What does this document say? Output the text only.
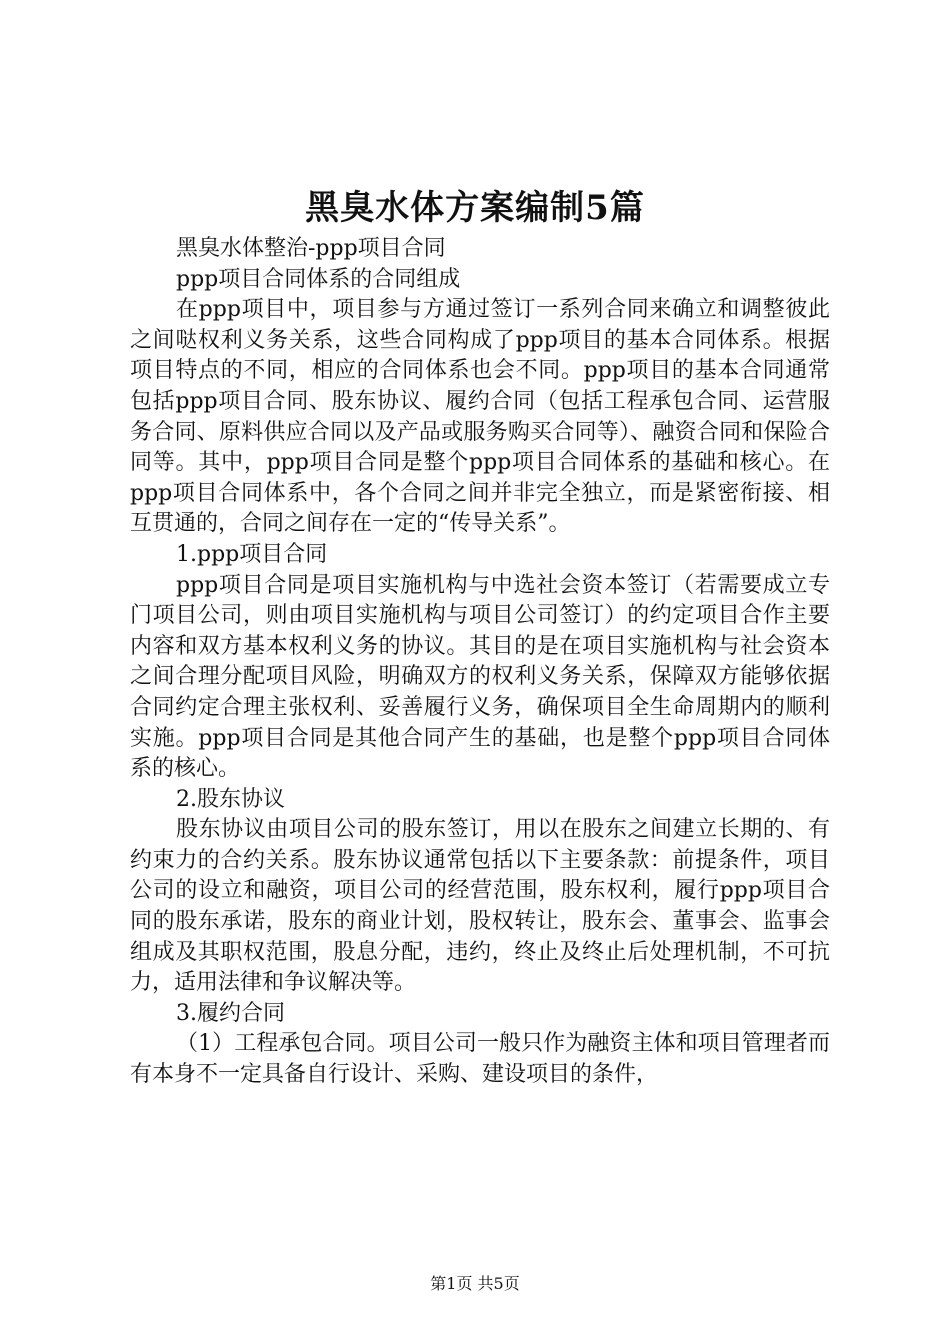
黑臭水体方案编制5篇

黑臭水体整治-ppp项目合同

ppp项目合同体系的合同组成

在ppp项目中，项目参与方通过签订一系列合同来确立和调整彼此之间哒权利义务关系，这些合同构成了ppp项目的基本合同体系。根据项目特点的不同，相应的合同体系也会不同。ppp项目的基本合同通常包括ppp项目合同、股东协议、履约合同（包括工程承包合同、运营服务合同、原料供应合同以及产品或服务购买合同等）、融资合同和保险合同等。其中，ppp项目合同是整个ppp项目合同体系的基础和核心。在ppp项目合同体系中，各个合同之间并非完全独立，而是紧密衔接、相互贯通的，合同之间存在一定的“传导关系”。

1.ppp项目合同

ppp项目合同是项目实施机构与中选社会资本签订（若需要成立专门项目公司，则由项目实施机构与项目公司签订）的约定项目合作主要内容和双方基本权利义务的协议。其目的是在项目实施机构与社会资本之间合理分配项目风险，明确双方的权利义务关系，保障双方能够依据合同约定合理主张权利、妥善履行义务，确保项目全生命周期内的顺利实施。ppp项目合同是其他合同产生的基础，也是整个ppp项目合同体系的核心。

2.股东协议

股东协议由项目公司的股东签订，用以在股东之间建立长期的、有约束力的合约关系。股东协议通常包括以下主要条款：前提条件，项目公司的设立和融资，项目公司的经营范围，股东权利，履行ppp项目合同的股东承诺，股东的商业计划，股权转让，股东会、董事会、监事会组成及其职权范围，股息分配，违约，终止及终止后处理机制，不可抗力，适用法律和争议解决等。

3.履约合同

（1）工程承包合同。项目公司一般只作为融资主体和项目管理者而有本身不一定具备自行设计、采购、建设项目的条件，

第1页 共5页
